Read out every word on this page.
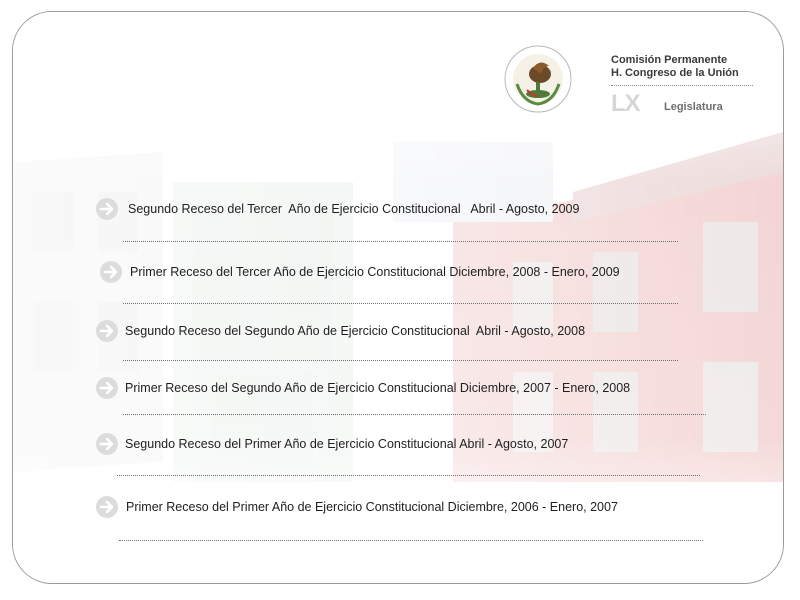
Comisión Permanente
H. Congreso de la Unión
LX Legislatura
Segundo Receso del Tercer  Año de Ejercicio Constitucional   Abril - Agosto, 2009
Primer Receso del Tercer Año de Ejercicio Constitucional Diciembre, 2008 - Enero, 2009
Segundo Receso del Segundo Año de Ejercicio Constitucional  Abril - Agosto, 2008
Primer Receso del Segundo Año de Ejercicio Constitucional Diciembre, 2007 - Enero, 2008
Segundo Receso del Primer Año de Ejercicio Constitucional Abril - Agosto, 2007
Primer Receso del Primer Año de Ejercicio Constitucional Diciembre, 2006 - Enero, 2007
